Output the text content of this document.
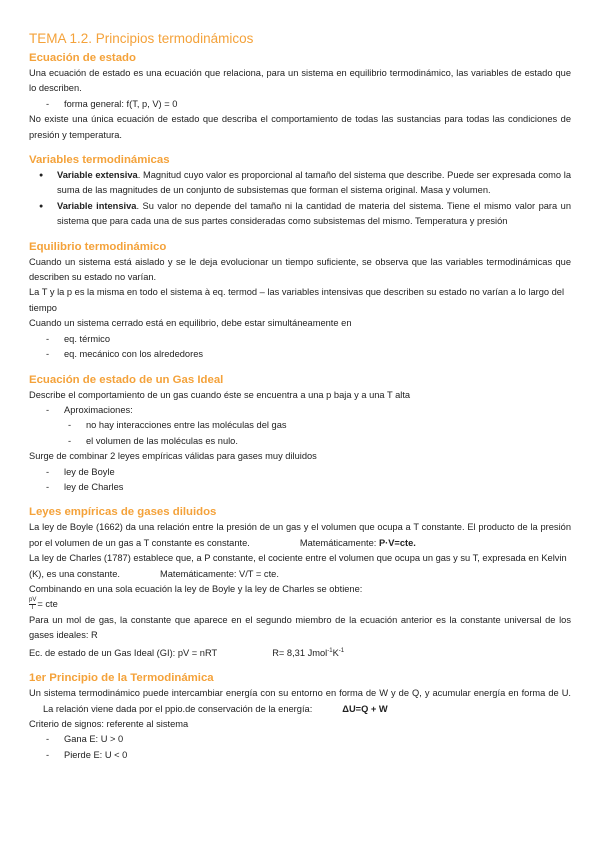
TEMA 1.2. Principios termodinámicos
Ecuación de estado

Una ecuación de estado es una ecuación que relaciona, para un sistema en equilibrio termodinámico, las variables de estado que lo describen.

- forma general: f(T, p, V) = 0

No existe una única ecuación de estado que describa el comportamiento de todas las sustancias para todas las condiciones de presión y temperatura.

Variables termodinámicas

● Variable extensiva. Magnitud cuyo valor es proporcional al tamaño del sistema que describe. Puede ser expresada como la suma de las magnitudes de un conjunto de subsistemas que forman el sistema original. Masa y volumen.

● Variable intensiva. Su valor no depende del tamaño ni la cantidad de materia del sistema. Tiene el mismo valor para un sistema que para cada una de sus partes consideradas como subsistemas del mismo. Temperatura y presión

Equilibrio termodinámico

Cuando un sistema está aislado y se le deja evolucionar un tiempo suficiente, se observa que las variables termodinámicas que describen su estado no varían.

La T y la p es la misma en todo el sistema à eq. termod – las variables intensivas que describen su estado no varían a lo largo del tiempo

Cuando un sistema cerrado está en equilibrio, debe estar simultáneamente en

- eq. térmico

- eq. mecánico con los alrededores

Ecuación de estado de un Gas Ideal

Describe el comportamiento de un gas cuando éste se encuentra a una p baja y a una T alta

- Aproximaciones:

- no hay interacciones entre las moléculas del gas

- el volumen de las moléculas es nulo.

Surge de combinar 2 leyes empíricas válidas para gases muy diluidos

- ley de Boyle

- ley de Charles

Leyes empíricas de gases diluidos

La ley de Boyle (1662) da una relación entre la presión de un gas y el volumen que ocupa a T constante. El producto de la presión por el volumen de un gas a T constante es constante.	Matemáticamente: P·V=cte.

La ley de Charles (1787) establece que, a P constante, el cociente entre el volumen que ocupa un gas y su T, expresada en Kelvin (K), es una constante.	Matemáticamente: V/T = cte.

Combinando en una sola ecuación la ley de Boyle y la ley de Charles se obtiene:

$\frac{pV}{T}$ = cte

Para un mol de gas, la constante que aparece en el segundo miembro de la ecuación anterior es la constante universal de los gases ideales: R

Ec. de estado de un Gas Ideal (GI): pV = nRT	R= 8,31 $Jmol^{-1}K^{-1}$

1er Principio de la Termodinámica

Un sistema termodinámico puede intercambiar energía con su entorno en forma de W y de Q, y acumular energía en forma de U.La relación viene dada por el ppio.de conservación de la energía:	ΔU=Q + W

Criterio de signos: referente al sistema

- Gana E: U > 0

- Pierde E: U < 0
